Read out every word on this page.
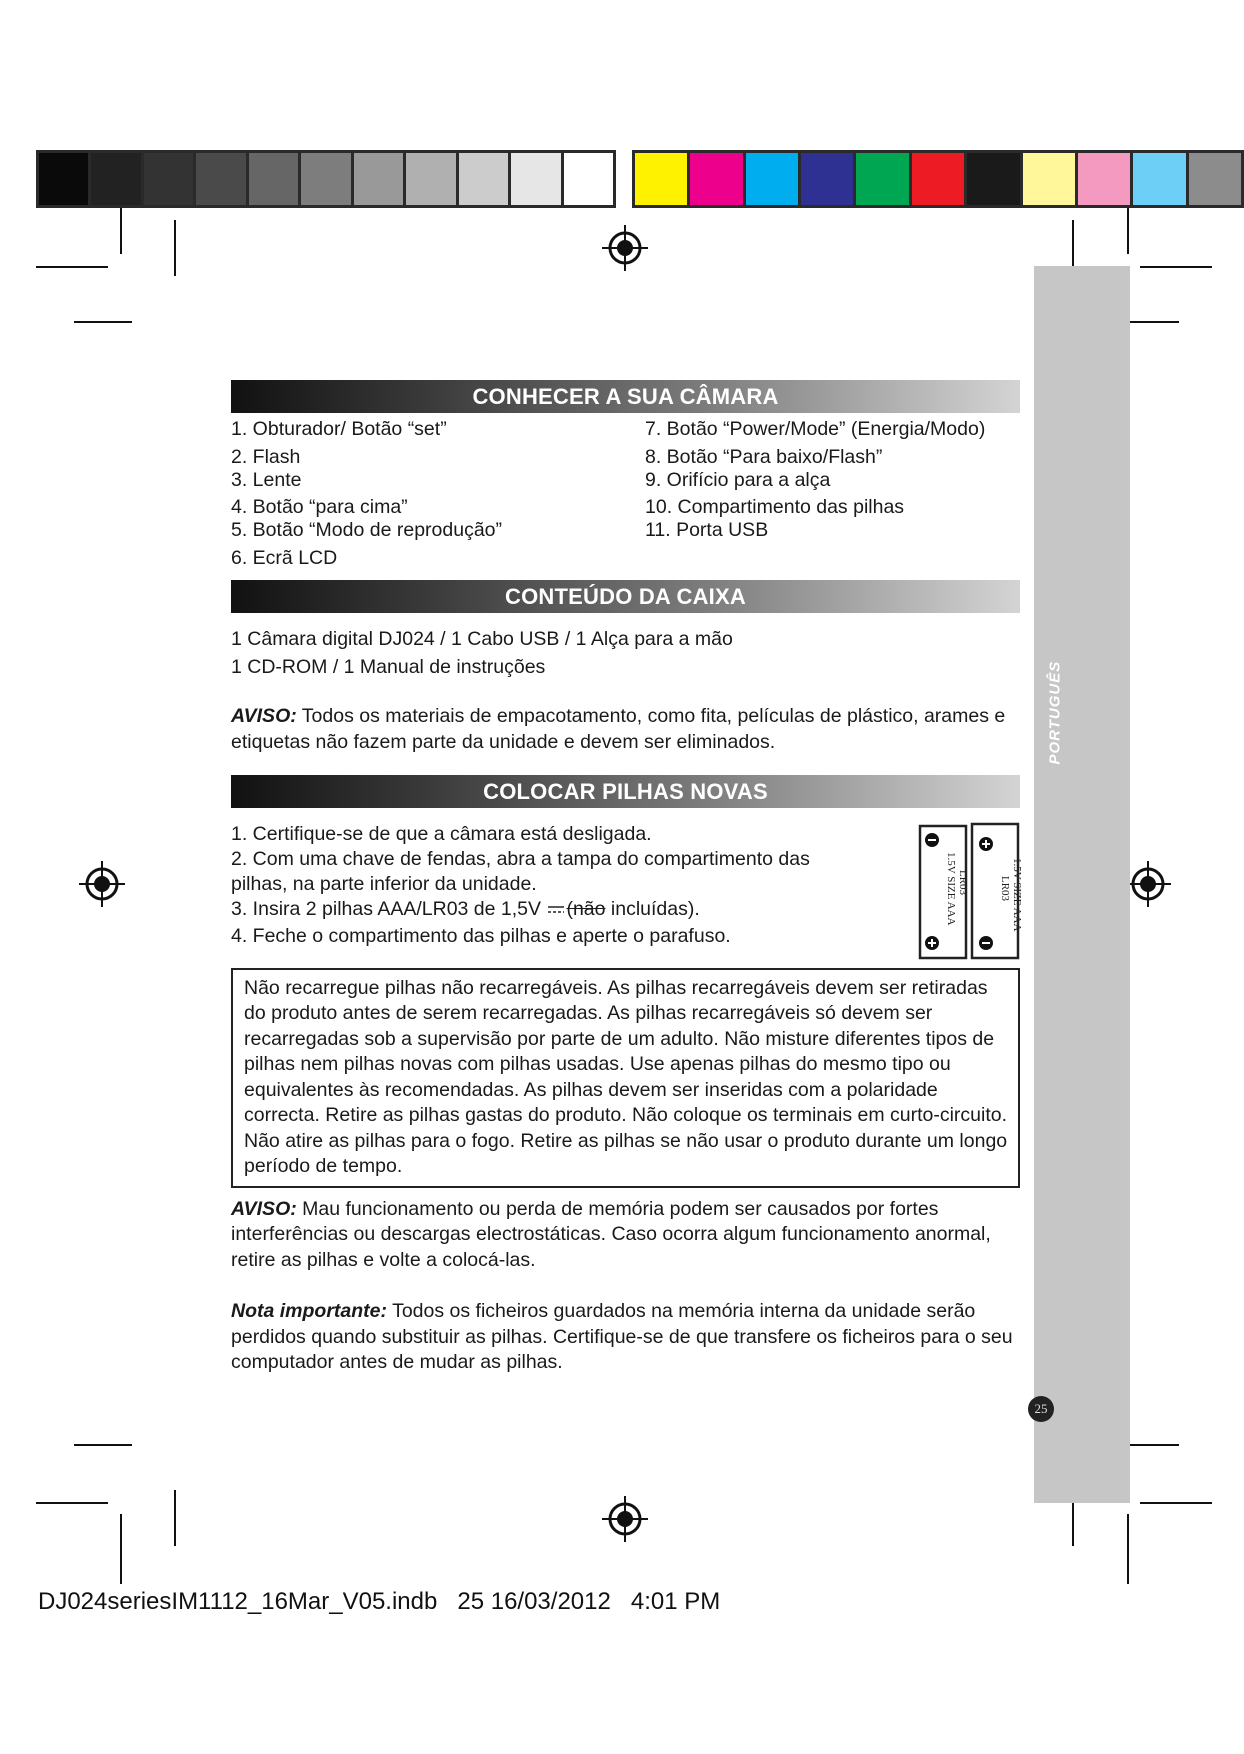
25
CONHECER A SUA CÂMARA
1. Obturador/ Botão “set”
2. Flash
3. Lente
4. Botão “para cima”
5. Botão “Modo de reprodução”
6. Ecrã LCD
7. Botão “Power/Mode” (Energia/Modo)
8. Botão “Para baixo/Flash”
9. Orifício para a alça
10. Compartimento das pilhas
11. Porta USB
CONTEÚDO DA CAIXA
1 Câmara digital DJ024 / 1 Cabo USB / 1 Alça para a mão
1 CD-ROM / 1 Manual de instruções
AVISO: Todos os materiais de empacotamento, como fita, películas de plástico, arames e etiquetas não fazem parte da unidade e devem ser eliminados.
COLOCAR PILHAS NOVAS
1. Certifique-se de que a câmara está desligada.
2. Com uma chave de fendas, abra a tampa do compartimento das pilhas, na parte inferior da unidade.
3. Insira 2 pilhas AAA/LR03 de 1,5V (não incluídas).
4. Feche o compartimento das pilhas e aperte o parafuso.
1.5V SIZE AAA LR03	1.5V SIZE AAA
LR03
Não recarregue pilhas não recarregáveis. As pilhas recarregáveis devem ser retiradas do produto antes de serem recarregadas. As pilhas recarregáveis só devem ser recarregadas sob a supervisão por parte de um adulto. Não misture diferentes tipos de pilhas nem pilhas novas com pilhas usadas. Use apenas pilhas do mesmo tipo ou equivalentes às recomendadas. As pilhas devem ser inseridas com a polaridade correcta. Retire as pilhas gastas do produto. Não coloque os terminais em curto-circuito. Não atire as pilhas para o fogo. Retire as pilhas se não usar o produto durante um longo período de tempo.
AVISO: Mau funcionamento ou perda de memória podem ser causados por fortes interferências ou descargas electrostáticas. Caso ocorra algum funcionamento anormal, retire as pilhas e volte a colocá-las.
Nota importante: Todos os ficheiros guardados na memória interna da unidade serão perdidos quando substituir as pilhas. Certifique-se de que transfere os ficheiros para o seu computador antes de mudar as pilhas.
DJ024seriesIM1112_16Mar_V05.indb   25 16/03/2012   4:01 PM
